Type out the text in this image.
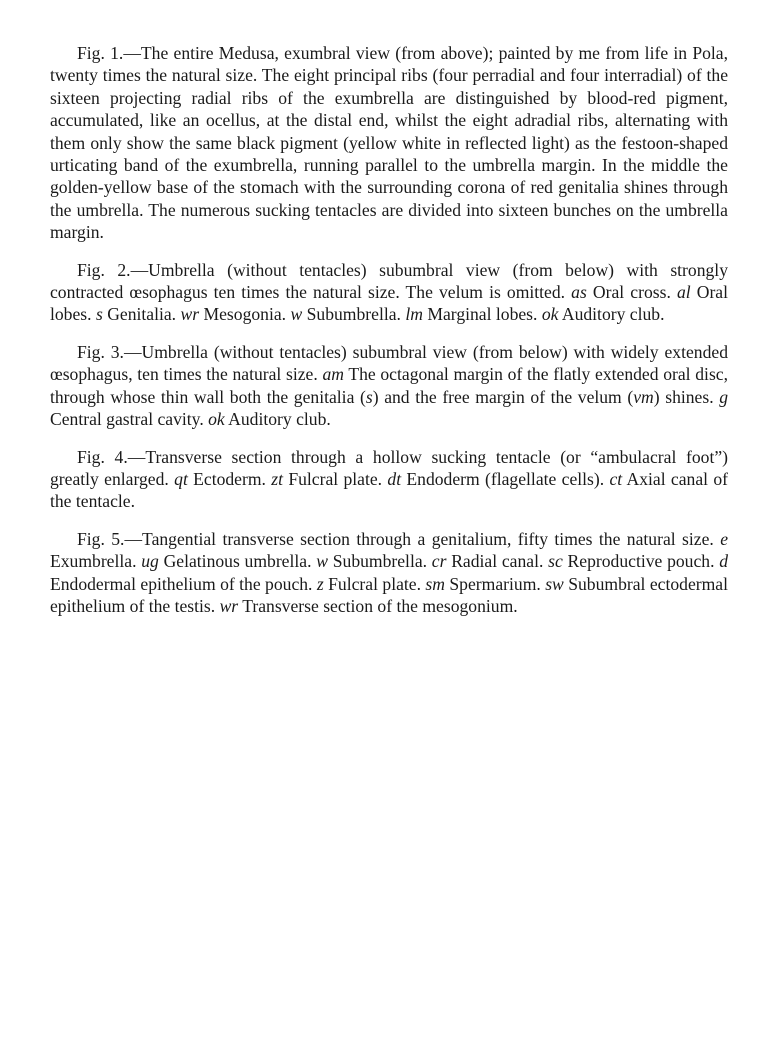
Fig. 1.—The entire Medusa, exumbral view (from above); painted by me from life in Pola, twenty times the natural size. The eight principal ribs (four perradial and four interradial) of the sixteen projecting radial ribs of the exumbrella are distinguished by blood-red pigment, accumulated, like an ocellus, at the distal end, whilst the eight adradial ribs, alternating with them only show the same black pigment (yellow white in reflected light) as the festoon-shaped urticating band of the exumbrella, running parallel to the umbrella margin. In the middle the golden-yellow base of the stomach with the surrounding corona of red genitalia shines through the umbrella. The numerous sucking tentacles are divided into sixteen bunches on the umbrella margin.

Fig. 2.—Umbrella (without tentacles) subumbral view (from below) with strongly contracted œsophagus ten times the natural size. The velum is omitted. as Oral cross. al Oral lobes. s Genitalia. wr Mesogonia. w Subumbrella. lm Marginal lobes. ok Auditory club.

Fig. 3.—Umbrella (without tentacles) subumbral view (from below) with widely extended œsophagus, ten times the natural size. am The octagonal margin of the flatly extended oral disc, through whose thin wall both the genitalia (s) and the free margin of the velum (vm) shines. g Central gastral cavity. ok Auditory club.

Fig. 4.—Transverse section through a hollow sucking tentacle (or “ambulacral foot”) greatly enlarged. qt Ectoderm. zt Fulcral plate. dt Endoderm (flagellate cells). ct Axial canal of the tentacle.

Fig. 5.—Tangential transverse section through a genitalium, fifty times the natural size. e Exumbrella. ug Gelatinous umbrella. w Subumbrella. cr Radial canal. sc Reproductive pouch. d Endodermal epithelium of the pouch. z Fulcral plate. sm Spermarium. sw Subumbral ectodermal epithelium of the testis. wr Transverse section of the mesogonium.
